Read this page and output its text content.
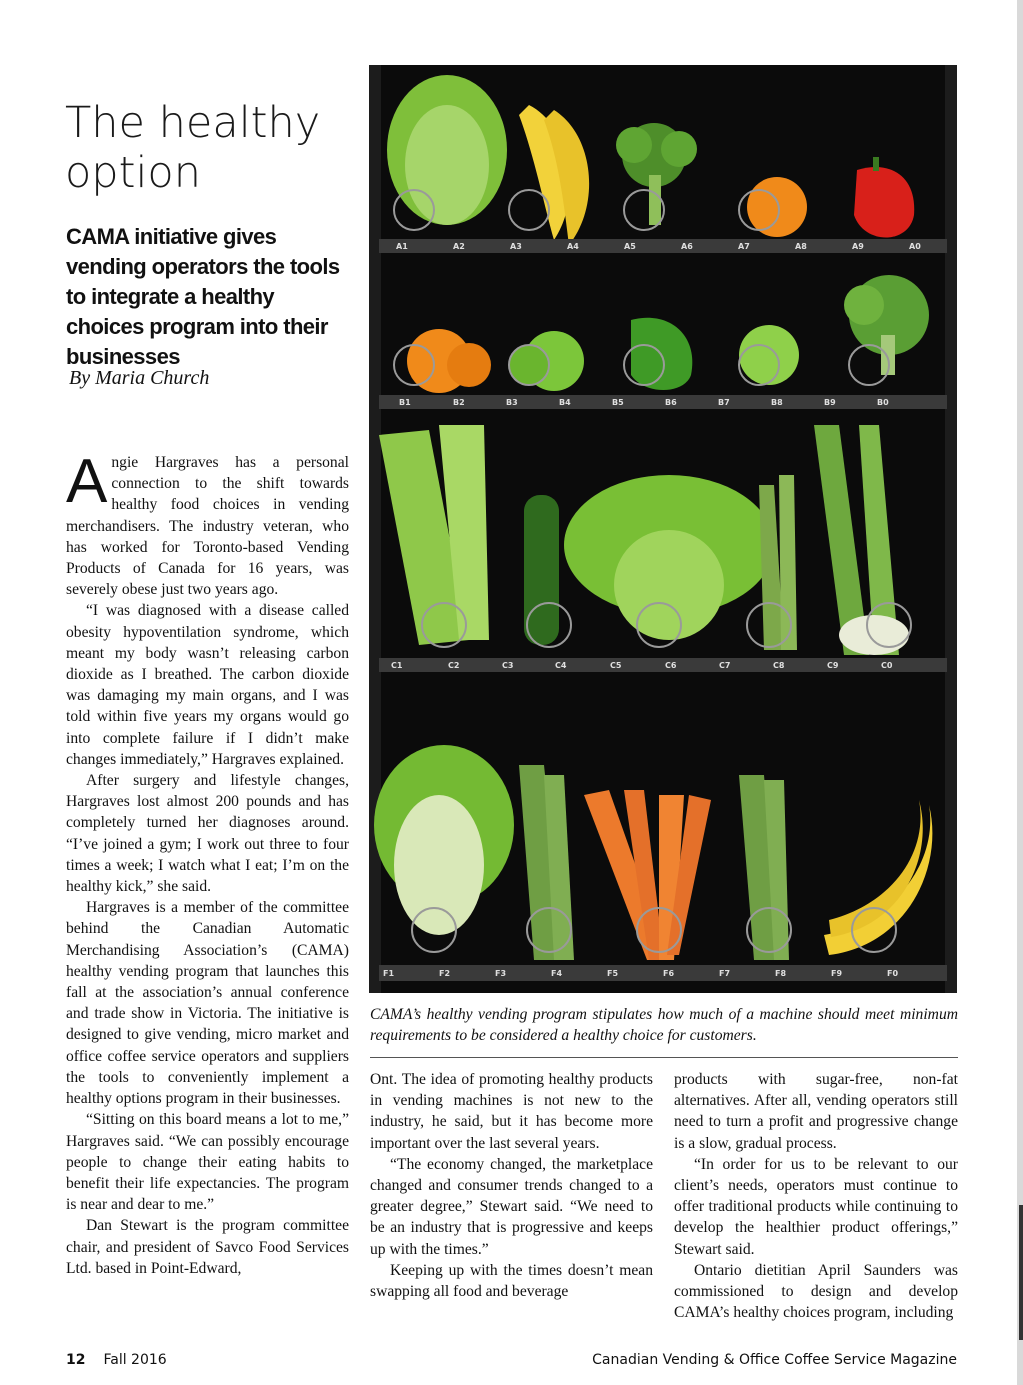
The healthy option
CAMA initiative gives vending operators the tools to integrate a healthy choices program into their businesses

By Maria Church

Angie Hargraves has a personal connection to the shift towards healthy food choices in vending merchandisers. The industry veteran, who has worked for Toronto-based Vending Products of Canada for 16 years, was severely obese just two years ago.

“I was diagnosed with a disease called obesity hypoventilation syndrome, which meant my body wasn’t releasing carbon dioxide as I breathed. The carbon dioxide was damaging my main organs, and I was told within five years my organs would go into complete failure if I didn’t make changes immediately,” Hargraves explained.

After surgery and lifestyle changes, Hargraves lost almost 200 pounds and has completely turned her diagnoses around. “I’ve joined a gym; I work out three to four times a week; I watch what I eat; I’m on the healthy kick,” she said.

Hargraves is a member of the committee behind the Canadian Automatic Merchandising Association’s (CAMA) healthy vending program that launches this fall at the association’s annual conference and trade show in Victoria. The initiative is designed to give vending, micro market and office coffee service operators and suppliers the tools to conveniently implement a healthy options program in their businesses.

“Sitting on this board means a lot to me,” Hargraves said. “We can possibly encourage people to change their eating habits to benefit their life expectancies. The program is near and dear to me.”

Dan Stewart is the program committee chair, and president of Savco Food Services Ltd. based in Point-Edward,

A1	A2	A3	A4	A5	A6	A7	A8	A9	A0
B1	B2	B3	B4	B5	B6	B7	B8	B9	B0
C1	C2	C3	C4	C5	C6	C7	C8	C9	C0
F1	F2	F3	F4	F5	F6	F7	F8	F9	F0

CAMA’s healthy vending program stipulates how much of a machine should meet minimum requirements to be considered a healthy choice for customers.

Ont. The idea of promoting healthy products in vending machines is not new to the industry, he said, but it has become more important over the last several years.

“The economy changed, the marketplace changed and consumer trends changed to a greater degree,” Stewart said. “We need to be an industry that is progressive and keeps up with the times.”

Keeping up with the times doesn’t mean swapping all food and beverage

products with sugar-free, non-fat alternatives. After all, vending operators still need to turn a profit and progressive change is a slow, gradual process.

“In order for us to be relevant to our client’s needs, operators must continue to offer traditional products while continuing to develop the healthier product offerings,” Stewart said.

Ontario dietitian April Saunders was commissioned to design and develop CAMA’s healthy choices program, including

12 Fall 2016	Canadian Vending & Office Coffee Service Magazine
